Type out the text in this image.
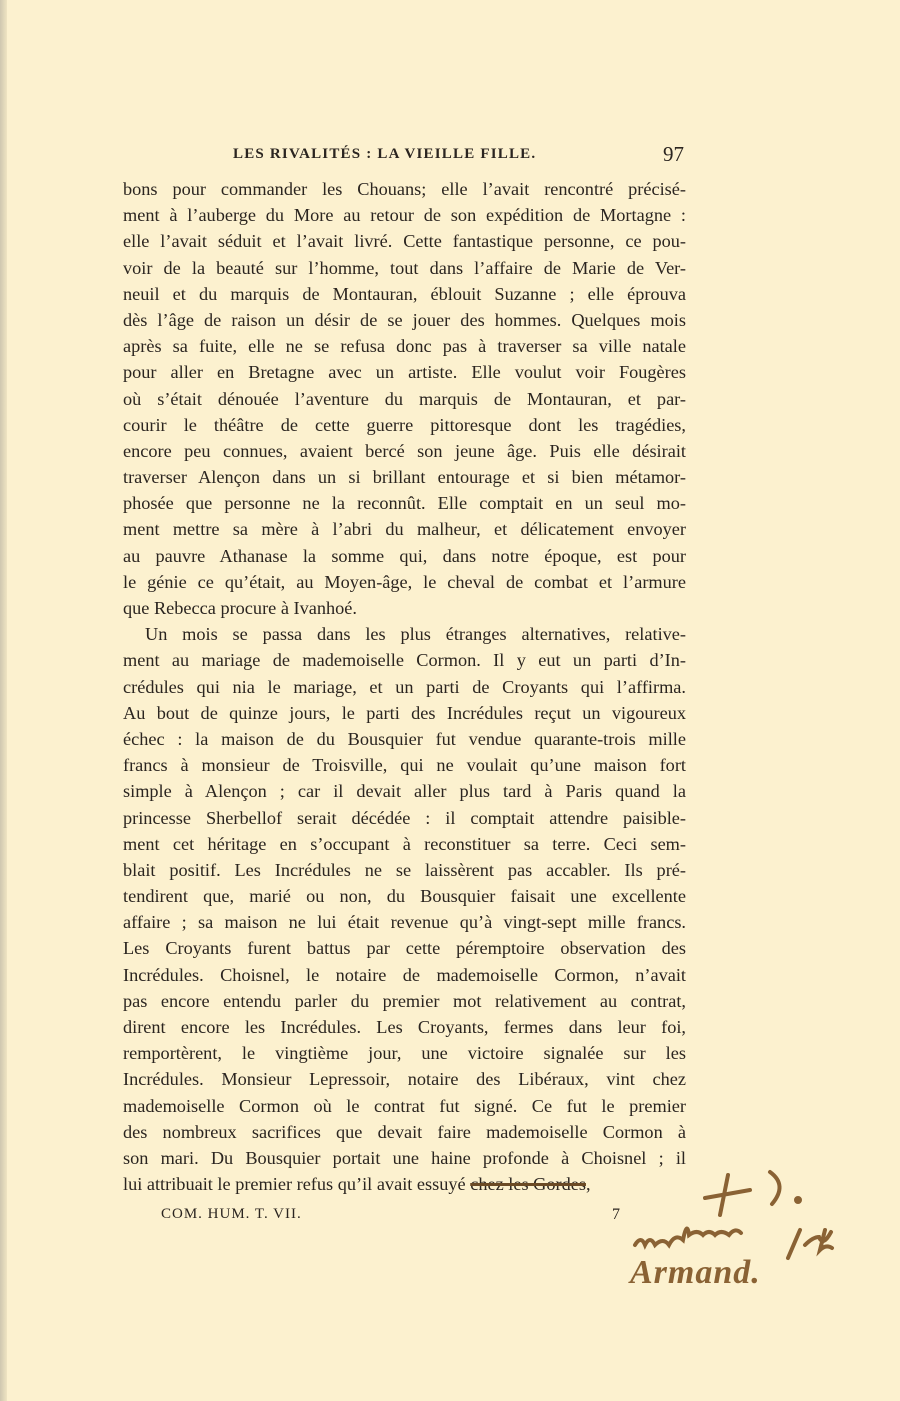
LES RIVALITÉS : LA VIEILLE FILLE.	97
bons pour commander les Chouans; elle l’avait rencontré précisé-
ment à l’auberge du More au retour de son expédition de Mortagne :
elle l’avait séduit et l’avait livré. Cette fantastique personne, ce pou-
voir de la beauté sur l’homme, tout dans l’affaire de Marie de Ver-
neuil et du marquis de Montauran, éblouit Suzanne ; elle éprouva
dès l’âge de raison un désir de se jouer des hommes. Quelques mois
après sa fuite, elle ne se refusa donc pas à traverser sa ville natale
pour aller en Bretagne avec un artiste. Elle voulut voir Fougères
où s’était dénouée l’aventure du marquis de Montauran, et par-
courir le théâtre de cette guerre pittoresque dont les tragédies,
encore peu connues, avaient bercé son jeune âge. Puis elle désirait
traverser Alençon dans un si brillant entourage et si bien métamor-
phosée que personne ne la reconnût. Elle comptait en un seul mo-
ment mettre sa mère à l’abri du malheur, et délicatement envoyer
au pauvre Athanase la somme qui, dans notre époque, est pour
le génie ce qu’était, au Moyen-âge, le cheval de combat et l’armure
que Rebecca procure à Ivanhoé.
Un mois se passa dans les plus étranges alternatives, relative-
ment au mariage de mademoiselle Cormon. Il y eut un parti d’In-
crédules qui nia le mariage, et un parti de Croyants qui l’affirma.
Au bout de quinze jours, le parti des Incrédules reçut un vigoureux
échec : la maison de du Bousquier fut vendue quarante-trois mille
francs à monsieur de Troisville, qui ne voulait qu’une maison fort
simple à Alençon ; car il devait aller plus tard à Paris quand la
princesse Sherbellof serait décédée : il comptait attendre paisible-
ment cet héritage en s’occupant à reconstituer sa terre. Ceci sem-
blait positif. Les Incrédules ne se laissèrent pas accabler. Ils pré-
tendirent que, marié ou non, du Bousquier faisait une excellente
affaire ; sa maison ne lui était revenue qu’à vingt-sept mille francs.
Les Croyants furent battus par cette péremptoire observation des
Incrédules. Choisnel, le notaire de mademoiselle Cormon, n’avait
pas encore entendu parler du premier mot relativement au contrat,
dirent encore les Incrédules. Les Croyants, fermes dans leur foi,
remportèrent, le vingtième jour, une victoire signalée sur les
Incrédules. Monsieur Lepressoir, notaire des Libéraux, vint chez
mademoiselle Cormon où le contrat fut signé. Ce fut le premier
des nombreux sacrifices que devait faire mademoiselle Cormon à
son mari. Du Bousquier portait une haine profonde à Choisnel ; il
lui attribuait le premier refus qu’il avait essuyé chez les Gordes,
COM. HUM. T. VII.	7
Armand.
